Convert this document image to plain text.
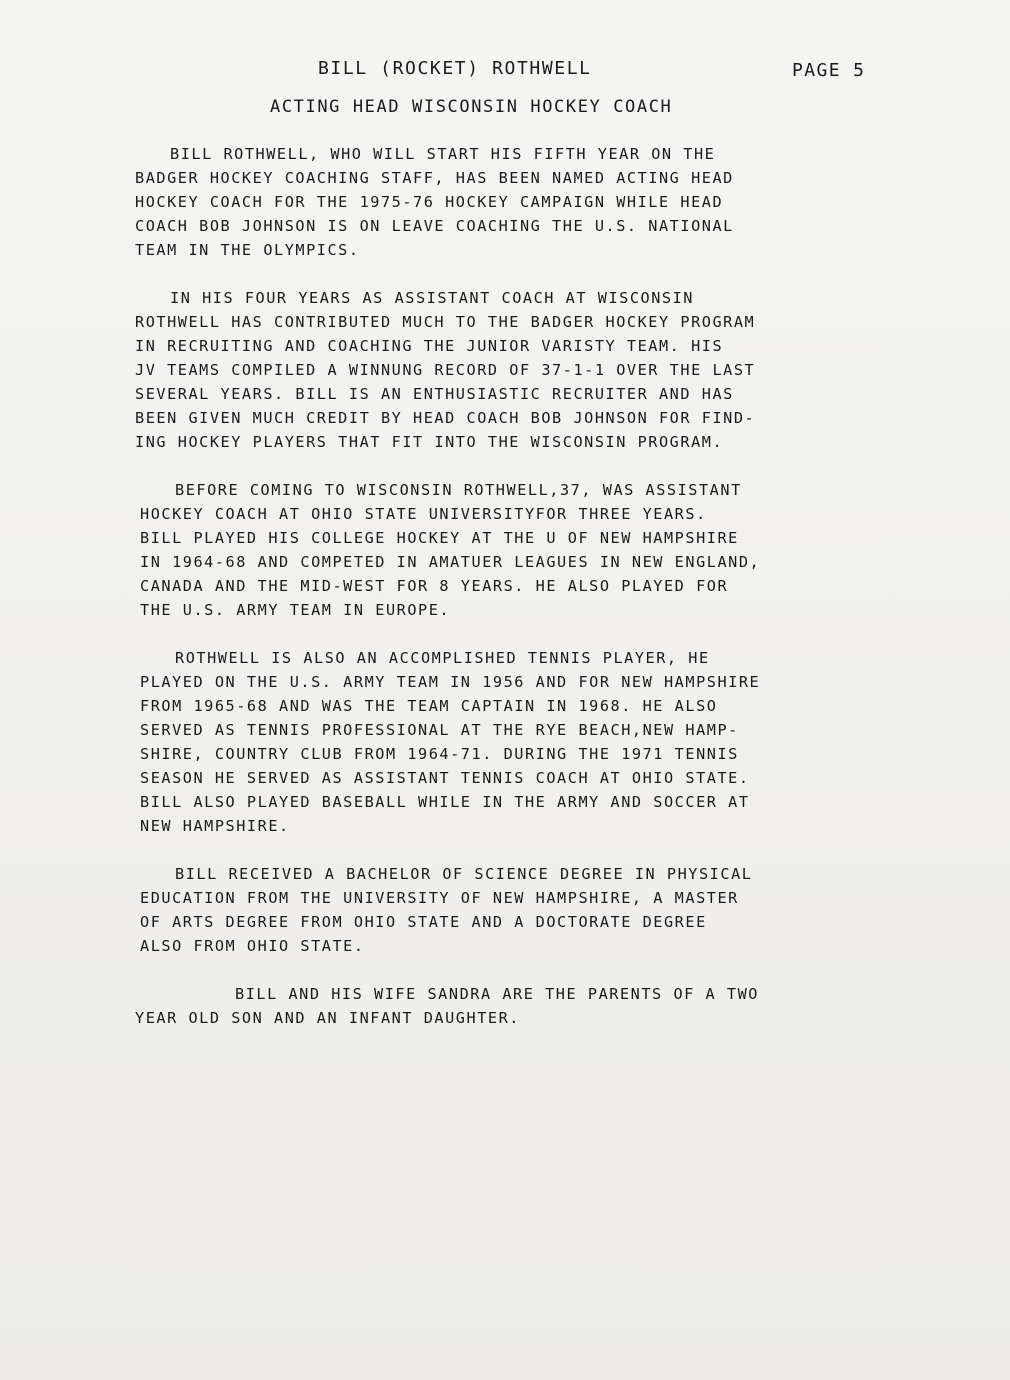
BILL (ROCKET) ROTHWELL	PAGE 5
ACTING HEAD WISCONSIN HOCKEY COACH
BILL ROTHWELL, WHO WILL START HIS FIFTH YEAR ON THE
BADGER HOCKEY COACHING STAFF, HAS BEEN NAMED ACTING HEAD
HOCKEY COACH FOR THE 1975-76 HOCKEY CAMPAIGN WHILE HEAD
COACH BOB JOHNSON IS ON LEAVE COACHING THE U.S. NATIONAL
TEAM IN THE OLYMPICS.
IN HIS FOUR YEARS AS ASSISTANT COACH AT WISCONSIN
ROTHWELL HAS CONTRIBUTED MUCH TO THE BADGER HOCKEY PROGRAM
IN RECRUITING AND COACHING THE JUNIOR VARISTY TEAM. HIS
JV TEAMS COMPILED A WINNUNG RECORD OF 37-1-1 OVER THE LAST
SEVERAL YEARS. BILL IS AN ENTHUSIASTIC RECRUITER AND HAS
BEEN GIVEN MUCH CREDIT BY HEAD COACH BOB JOHNSON FOR FIND-
ING HOCKEY PLAYERS THAT FIT INTO THE WISCONSIN PROGRAM.
BEFORE COMING TO WISCONSIN ROTHWELL,37, WAS ASSISTANT
HOCKEY COACH AT OHIO STATE UNIVERSITYFOR THREE YEARS.
BILL PLAYED HIS COLLEGE HOCKEY AT THE U OF NEW HAMPSHIRE
IN 1964-68 AND COMPETED IN AMATUER LEAGUES IN NEW ENGLAND,
CANADA AND THE MID-WEST FOR 8 YEARS. HE ALSO PLAYED FOR
THE U.S. ARMY TEAM IN EUROPE.
ROTHWELL IS ALSO AN ACCOMPLISHED TENNIS PLAYER, HE
PLAYED ON THE U.S. ARMY TEAM IN 1956 AND FOR NEW HAMPSHIRE
FROM 1965-68 AND WAS THE TEAM CAPTAIN IN 1968. HE ALSO
SERVED AS TENNIS PROFESSIONAL AT THE RYE BEACH,NEW HAMP-
SHIRE, COUNTRY CLUB FROM 1964-71. DURING THE 1971 TENNIS
SEASON HE SERVED AS ASSISTANT TENNIS COACH AT OHIO STATE.
BILL ALSO PLAYED BASEBALL WHILE IN THE ARMY AND SOCCER AT
NEW HAMPSHIRE.
BILL RECEIVED A BACHELOR OF SCIENCE DEGREE IN PHYSICAL
EDUCATION FROM THE UNIVERSITY OF NEW HAMPSHIRE, A MASTER
OF ARTS DEGREE FROM OHIO STATE AND A DOCTORATE DEGREE
ALSO FROM OHIO STATE.
BILL AND HIS WIFE SANDRA ARE THE PARENTS OF A TWO
YEAR OLD SON AND AN INFANT DAUGHTER.
